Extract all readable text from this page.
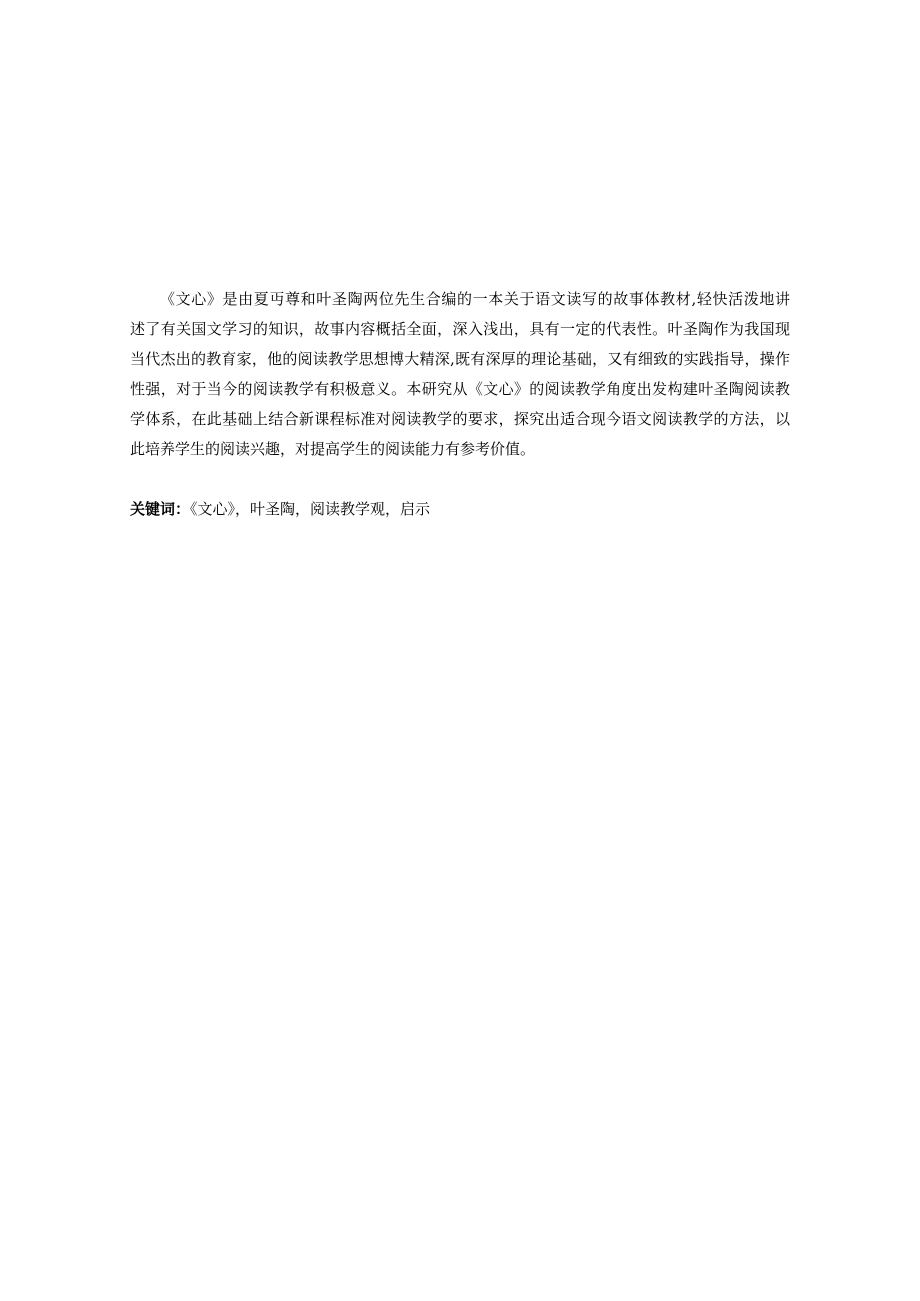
《文心》是由夏丏尊和叶圣陶两位先生合编的一本关于语文读写的故事体教材,轻快活泼地讲
述了有关国文学习的知识，故事内容概括全面，深入浅出，具有一定的代表性。叶圣陶作为我国现
当代杰出的教育家，他的阅读教学思想博大精深,既有深厚的理论基础，又有细致的实践指导，操作
性强，对于当今的阅读教学有积极意义。本研究从《文心》的阅读教学角度出发构建叶圣陶阅读教
学体系，在此基础上结合新课程标准对阅读教学的要求，探究出适合现今语文阅读教学的方法，以
此培养学生的阅读兴趣，对提高学生的阅读能力有参考价值。
关键词：《文心》，叶圣陶，阅读教学观，启示
